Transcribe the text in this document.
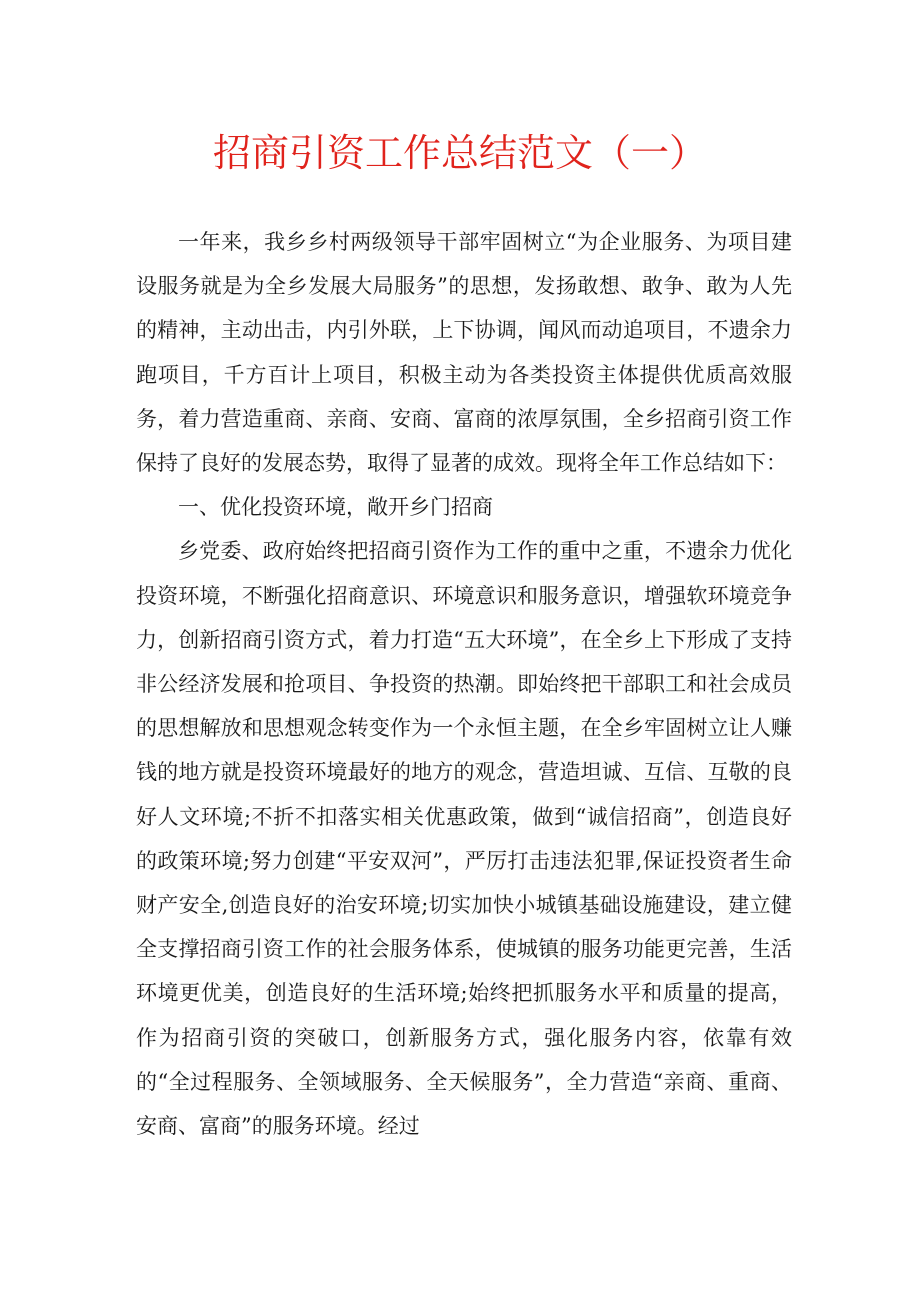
招商引资工作总结范文（一）

一年来，我乡乡村两级领导干部牢固树立“为企业服务、为项目建设服务就是为全乡发展大局服务”的思想，发扬敢想、敢争、敢为人先的精神，主动出击，内引外联，上下协调，闻风而动追项目，不遗余力跑项目，千方百计上项目，积极主动为各类投资主体提供优质高效服务，着力营造重商、亲商、安商、富商的浓厚氛围，全乡招商引资工作保持了良好的发展态势，取得了显著的成效。现将全年工作总结如下：

一、优化投资环境，敞开乡门招商

乡党委、政府始终把招商引资作为工作的重中之重，不遗余力优化投资环境，不断强化招商意识、环境意识和服务意识，增强软环境竞争力，创新招商引资方式，着力打造“五大环境”，在全乡上下形成了支持非公经济发展和抢项目、争投资的热潮。即始终把干部职工和社会成员的思想解放和思想观念转变作为一个永恒主题，在全乡牢固树立让人赚钱的地方就是投资环境最好的地方的观念，营造坦诚、互信、互敬的良好人文环境;不折不扣落实相关优惠政策，做到“诚信招商”，创造良好的政策环境;努力创建“平安双河”，严厉打击违法犯罪,保证投资者生命财产安全,创造良好的治安环境;切实加快小城镇基础设施建设，建立健全支撑招商引资工作的社会服务体系，使城镇的服务功能更完善，生活环境更优美，创造良好的生活环境;始终把抓服务水平和质量的提高，作为招商引资的突破口，创新服务方式，强化服务内容，依靠有效的“全过程服务、全领域服务、全天候服务”，全力营造“亲商、重商、安商、富商”的服务环境。经过
